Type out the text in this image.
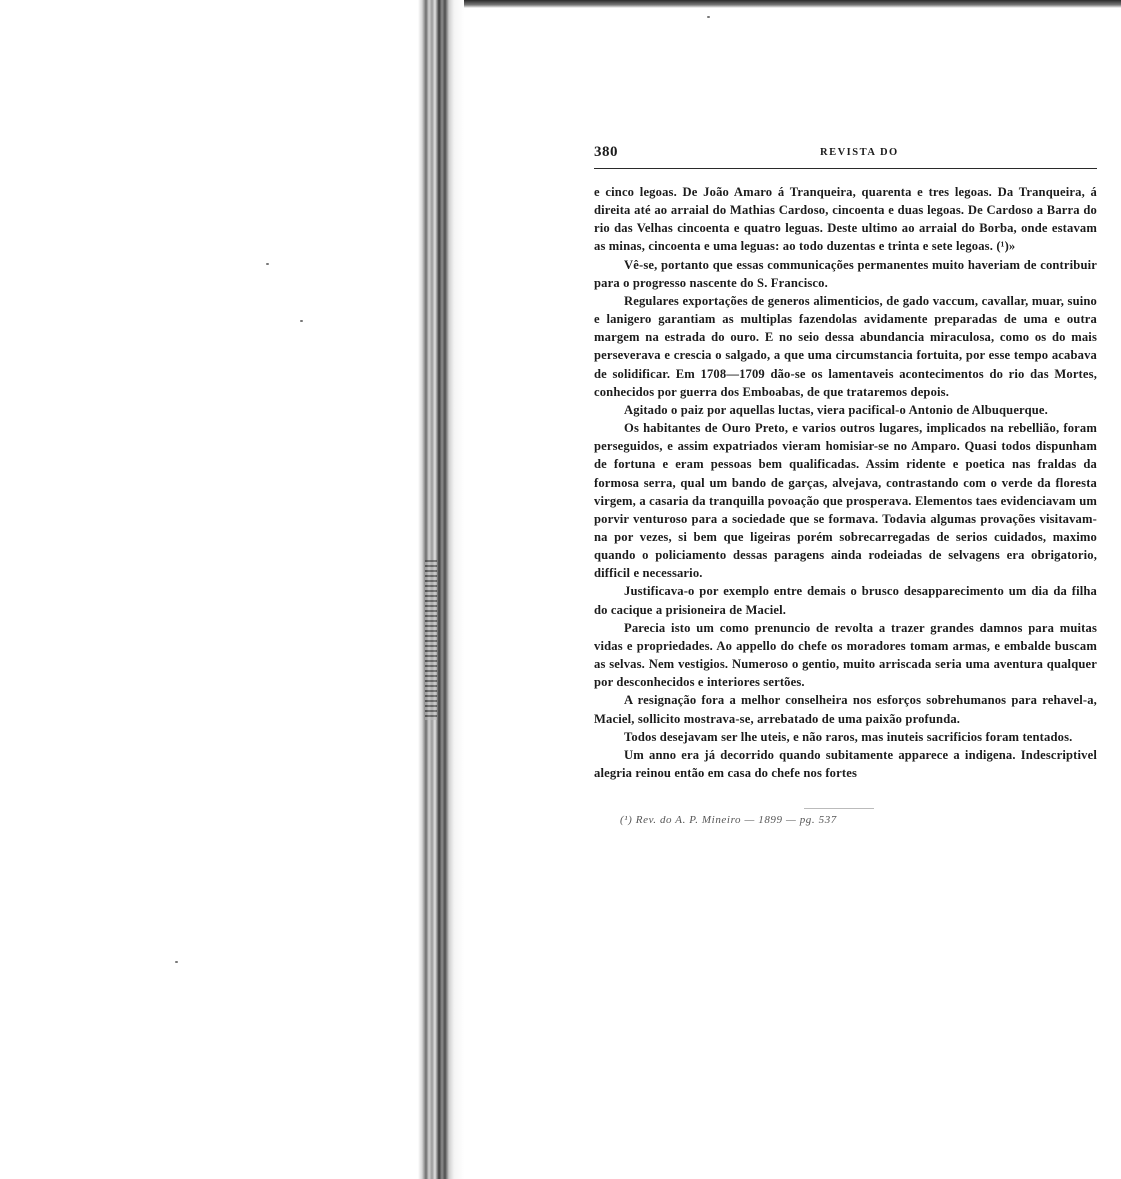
380	REVISTA DO

e cinco legoas. De João Amaro á Tranqueira, quarenta e tres legoas. Da Tranqueira, á direita até ao arraial do Mathias Cardoso, cincoenta e duas legoas. De Cardoso a Barra do rio das Velhas cincoenta e quatro leguas. Deste ultimo ao arraial do Borba, onde estavam as minas, cincoenta e uma leguas: ao todo duzentas e trinta e sete legoas. (¹)»

Vê-se, portanto que essas communicações permanentes muito haveriam de contribuir para o progresso nascente do S. Francisco.

Regulares exportações de generos alimenticios, de gado vaccum, cavallar, muar, suino e lanigero garantiam as multiplas fazendolas avidamente preparadas de uma e outra margem na estrada do ouro. E no seio dessa abundancia miraculosa, como os do mais perseverava e crescia o salgado, a que uma circumstancia fortuita, por esse tempo acabava de solidificar. Em 1708—1709 dão-se os lamentaveis acontecimentos do rio das Mortes, conhecidos por guerra dos Emboabas, de que trataremos depois.

Agitado o paiz por aquellas luctas, viera pacifical-o Antonio de Albuquerque.

Os habitantes de Ouro Preto, e varios outros lugares, implicados na rebellião, foram perseguidos, e assim expatriados vieram homisiar-se no Amparo. Quasi todos dispunham de fortuna e eram pessoas bem qualificadas. Assim ridente e poetica nas fraldas da formosa serra, qual um bando de garças, alvejava, contrastando com o verde da floresta virgem, a casaria da tranquilla povoação que prosperava. Elementos taes evidenciavam um porvir venturoso para a sociedade que se formava. Todavia algumas provações visitavam-na por vezes, si bem que ligeiras porém sobrecarregadas de serios cuidados, maximo quando o policiamento dessas paragens ainda rodeiadas de selvagens era obrigatorio, difficil e necessario.

Justificava-o por exemplo entre demais o brusco desapparecimento um dia da filha do cacique a prisioneira de Maciel.

Parecia isto um como prenuncio de revolta a trazer grandes damnos para muitas vidas e propriedades. Ao appello do chefe os moradores tomam armas, e embalde buscam as selvas. Nem vestigios. Numeroso o gentio, muito arriscada seria uma aventura qualquer por desconhecidos e interiores sertões.

A resignação fora a melhor conselheira nos esforços sobrehumanos para rehavel-a, Maciel, sollicito mostrava-se, arrebatado de uma paixão profunda.

Todos desejavam ser lhe uteis, e não raros, mas inuteis sacrificios foram tentados.

Um anno era já decorrido quando subitamente apparece a indigena. Indescriptivel alegria reinou então em casa do chefe nos fortes

(¹) Rev. do A. P. Mineiro — 1899 — pg. 537
